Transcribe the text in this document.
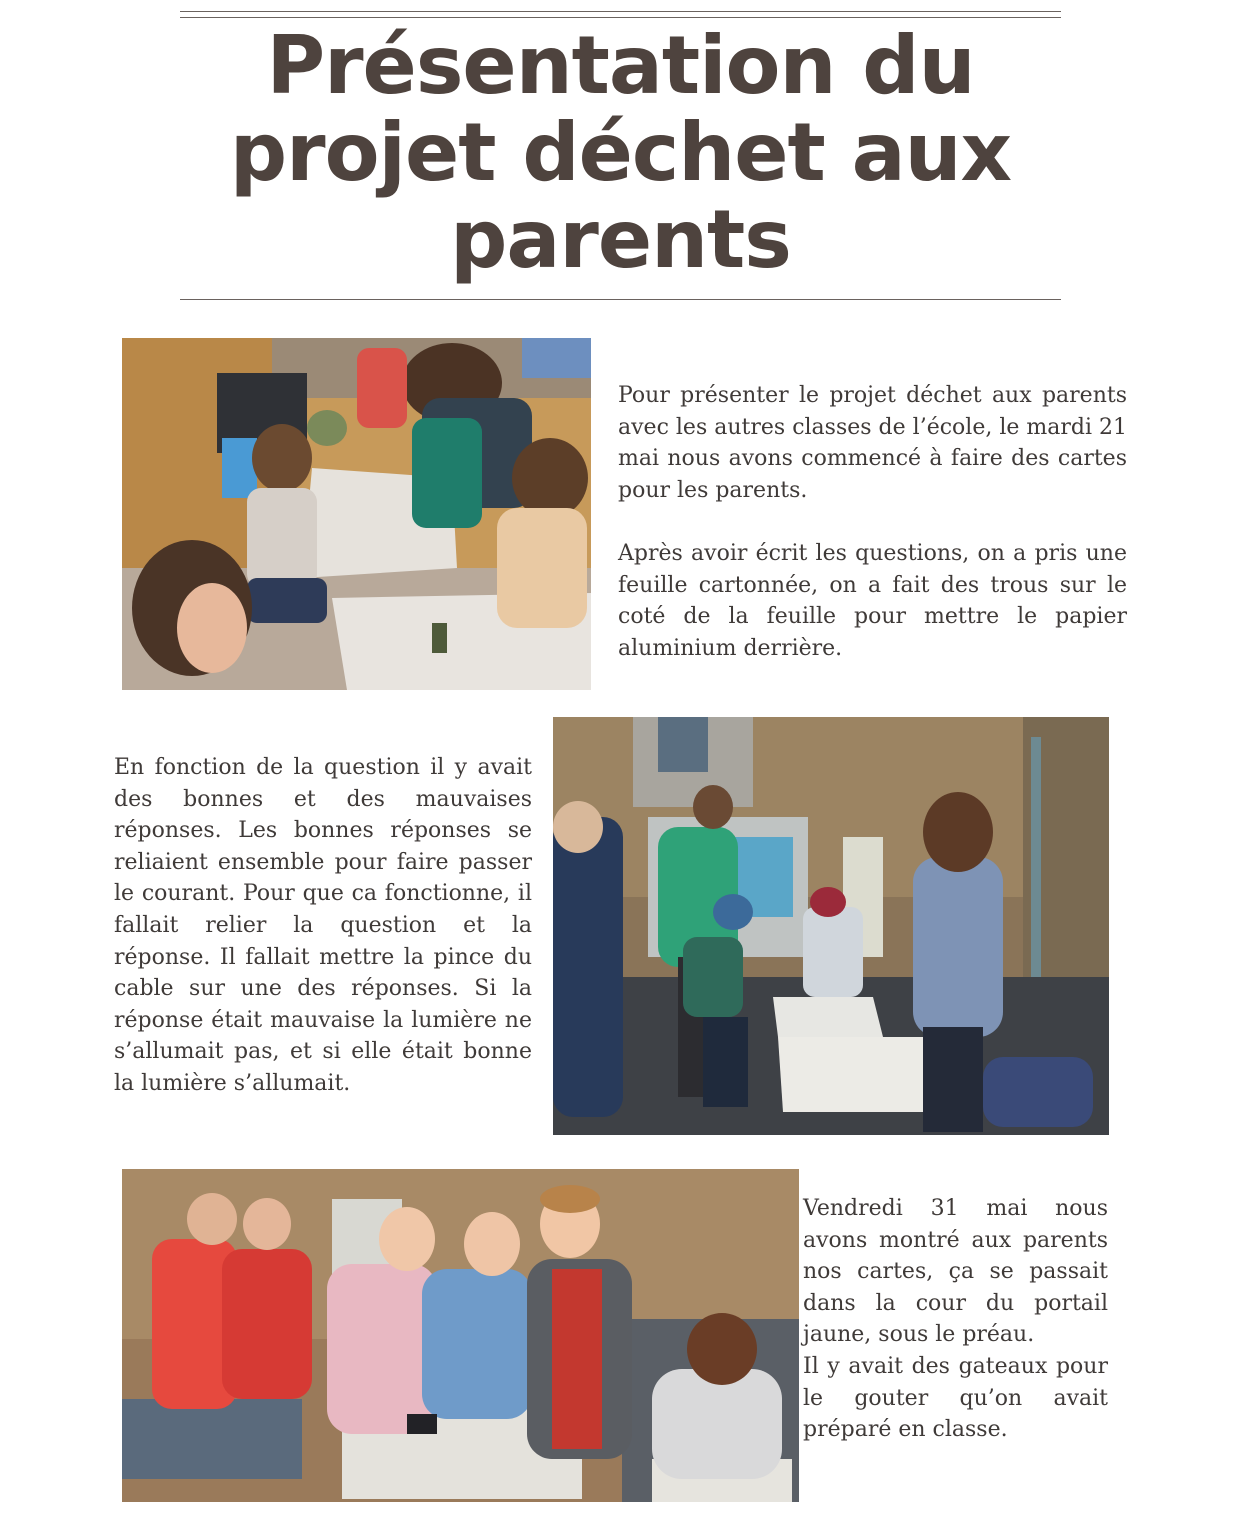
Présentation du
projet déchet aux
parents

Pour présenter le projet déchet aux parents avec les autres classes de l’école, le mardi 21 mai nous avons commencé à faire des cartes pour les parents.

Après avoir écrit les questions, on a pris une feuille cartonnée, on a fait des trous sur le coté de la feuille pour mettre le papier aluminium derrière.

En fonction de la question il y avait des bonnes et des mauvaises réponses. Les bonnes réponses se reliaient ensemble pour faire passer le courant. Pour que ca fonctionne, il fallait relier la question et la réponse. Il fallait mettre la pince du cable sur une des réponses. Si la réponse était mauvaise la lumière ne s’allumait pas, et si elle était bonne la lumière s’allumait.

Vendredi 31 mai nous avons montré aux parents nos cartes, ça se passait dans la cour du portail jaune, sous le préau.

Il y avait des gateaux pour le gouter qu’on avait préparé en classe.
